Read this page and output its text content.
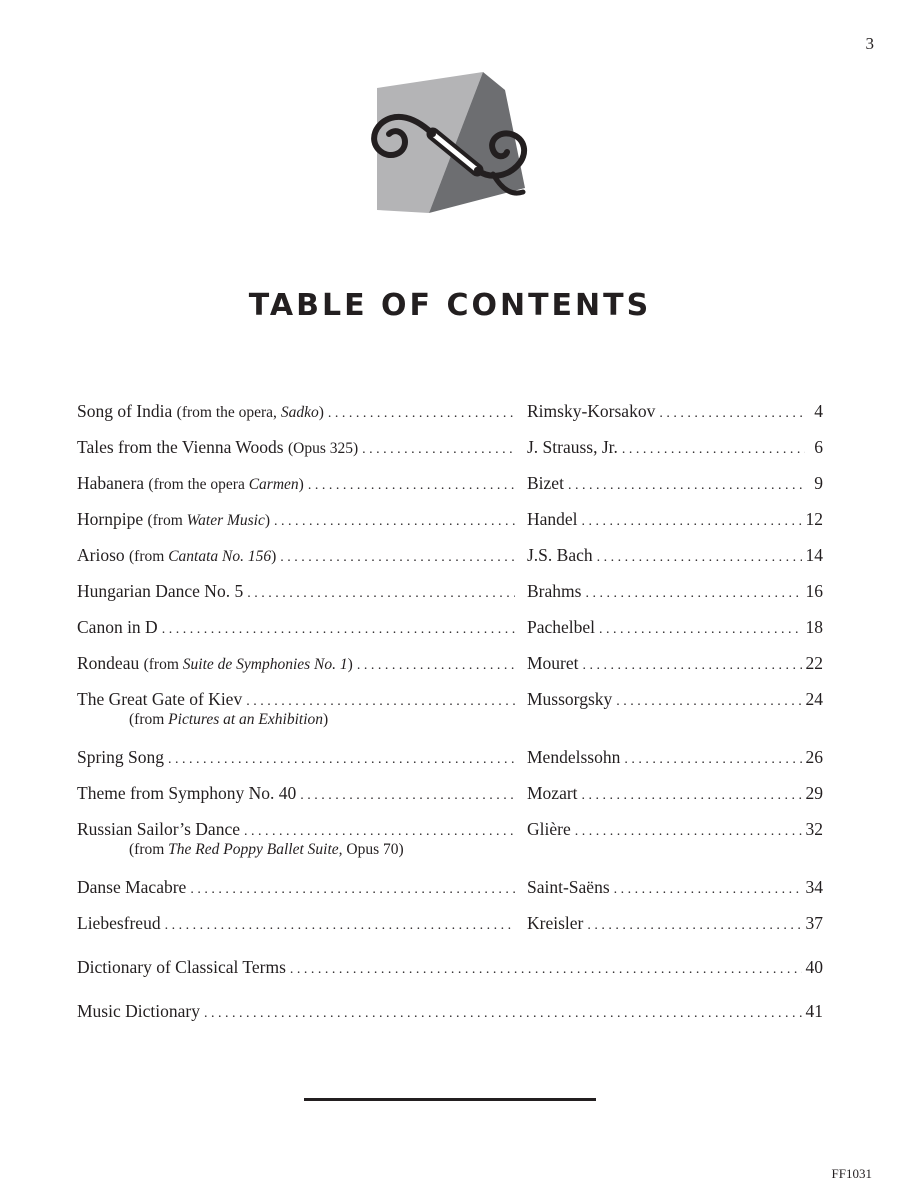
3
TABLE OF CONTENTS
Song of India (from the opera, Sadko) . . .	Rimsky-Korsakov . . .	4
Tales from the Vienna Woods (Opus 325) . . .	J. Strauss, Jr. . . .	6
Habanera (from the opera Carmen) . . .	Bizet . . .	9
Hornpipe (from Water Music) . . .	Handel . . .	12
Arioso (from Cantata No. 156) . . .	J.S. Bach . . .	14
Hungarian Dance No. 5 . . .	Brahms . . .	16
Canon in D . . .	Pachelbel . . .	18
Rondeau (from Suite de Symphonies No. 1) . . .	Mouret . . .	22
The Great Gate of Kiev . . .	Mussorgsky . . .	24
(from Pictures at an Exhibition)
Spring Song . . .	Mendelssohn . . .	26
Theme from Symphony No. 40 . . .	Mozart . . .	29
Russian Sailor’s Dance . . .	Glière . . .	32
(from The Red Poppy Ballet Suite, Opus 70)
Danse Macabre . . .	Saint-Saëns . . .	34
Liebesfreud . . .	Kreisler . . .	37
Dictionary of Classical Terms . . .	40
Music Dictionary . . .	41
FF1031
